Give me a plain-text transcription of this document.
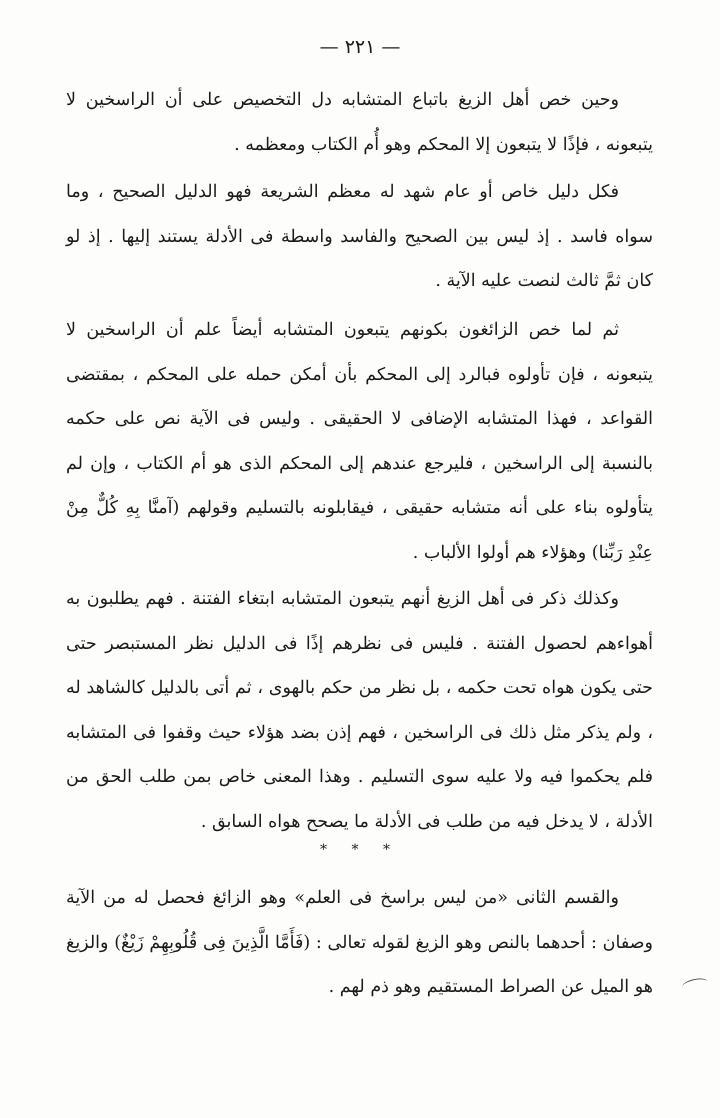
— ٢٢١ —

وحين خص أهل الزيغ باتباع المتشابه دل التخصيص على أن الراسخين لا يتبعونه ، فإذًا لا يتبعون إلا المحكم وهو أُم الكتاب ومعظمه .

فكل دليل خاص أو عام شهد له معظم الشريعة فهو الدليل الصحيح ، وما سواه فاسد . إذ ليس بين الصحيح والفاسد واسطة فى الأدلة يستند إليها . إذ لو كان ثمَّ ثالث لنصت عليه الآية .

ثم لما خص الزائغون بكونهم يتبعون المتشابه أيضاً علم أن الراسخين لا يتبعونه ، فإن تأولوه فبالرد إلى المحكم بأن أمكن حمله على المحكم ، بمقتضى القواعد ، فهذا المتشابه الإضافى لا الحقيقى . وليس فى الآية نص على حكمه بالنسبة إلى الراسخين ، فليرجع عندهم إلى المحكم الذى هو أم الكتاب ، وإن لم يتأولوه بناء على أنه متشابه حقيقى ، فيقابلونه بالتسليم وقولهم (آمنَّا بِهِ كُلٌّ مِنْ عِنْدِ رَبِّنا) وهؤلاء هم أولوا الألباب .

وكذلك ذكر فى أهل الزيغ أنهم يتبعون المتشابه ابتغاء الفتنة . فهم يطلبون به أهواءهم لحصول الفتنة . فليس فى نظرهم إذًا فى الدليل نظر المستبصر حتى حتى يكون هواه تحت حكمه ، بل نظر من حكم بالهوى ، ثم أتى بالدليل كالشاهد له ، ولم يذكر مثل ذلك فى الراسخين ، فهم إذن بضد هؤلاء حيث وقفوا فى المتشابه فلم يحكموا فيه ولا عليه سوى التسليم . وهذا المعنى خاص بمن طلب الحق من الأدلة ، لا يدخل فيه من طلب فى الأدلة ما يصحح هواه السابق .

* * *

والقسم الثانى «من ليس براسخ فى العلم» وهو الزائغ فحصل له من الآية وصفان : أحدهما بالنص وهو الزيغ لقوله تعالى : (فَأَمَّا الَّذِينَ فِى قُلُوبِهِمْ زَيْغٌ) والزيغ هو الميل عن الصراط المستقيم وهو ذم لهم .
